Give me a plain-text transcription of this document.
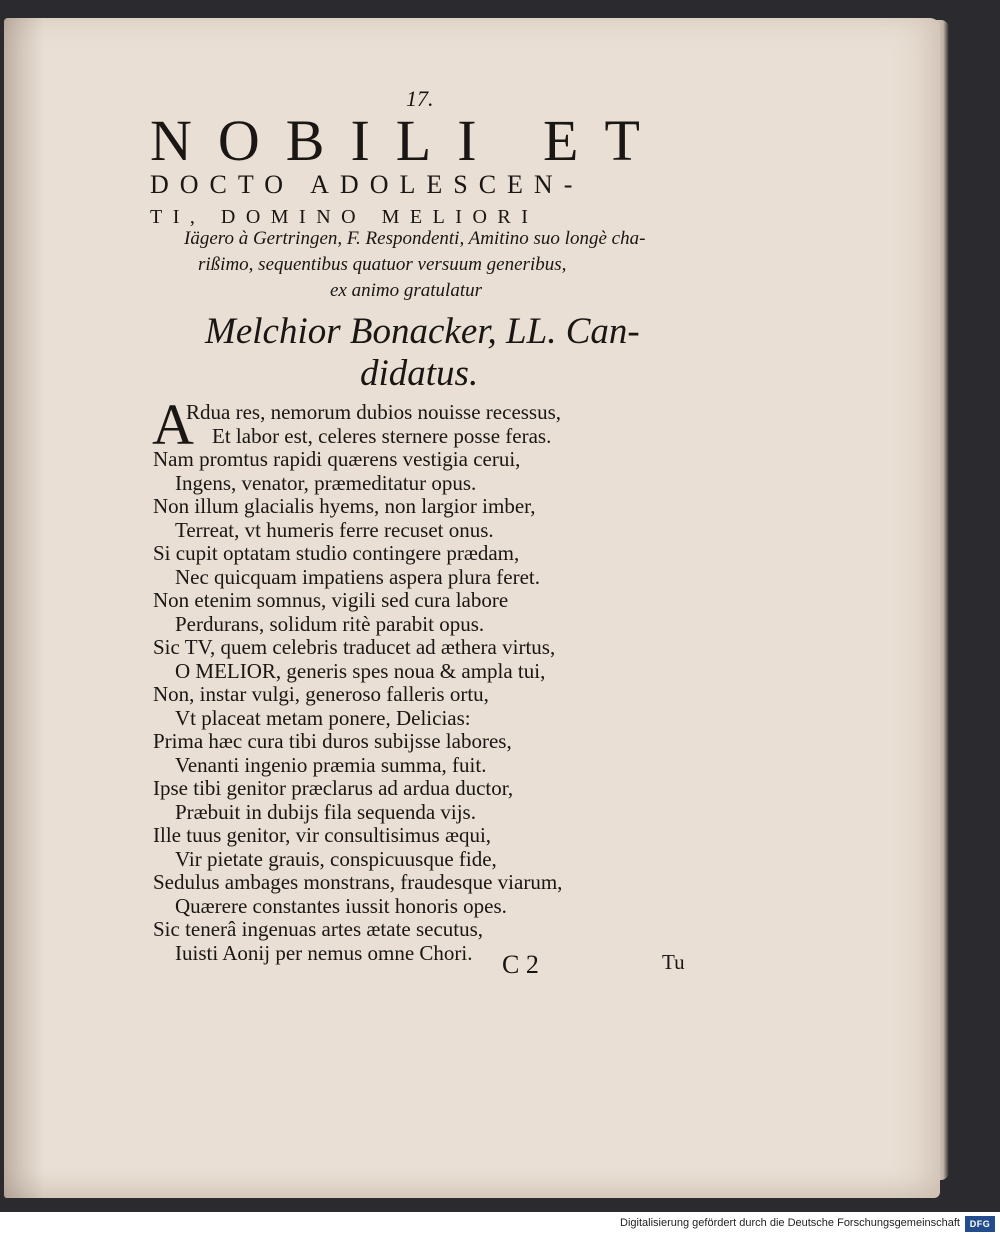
17.
NOBILI ET
DOCTO ADOLESCEN-
TI, DOMINO MELIORI
Iägero à Gertringen, F. Respondenti, Amitino suo longè cha-
rißimo, sequentibus quatuor versuum generibus,
ex animo gratulatur
Melchior Bonacker, LL. Can-
didatus.
A
Rdua res, nemorum dubios nouisse recessus,
Et labor est, celeres sternere posse feras.
Nam promtus rapidi quærens vestigia cerui,
Ingens, venator, præmeditatur opus.
Non illum glacialis hyems, non largior imber,
Terreat, vt humeris ferre recuset onus.
Si cupit optatam studio contingere prædam,
Nec quicquam impatiens aspera plura feret.
Non etenim somnus, vigili sed cura labore
Perdurans, solidum ritè parabit opus.
Sic TV, quem celebris traducet ad æthera virtus,
O MELIOR, generis spes noua & ampla tui,
Non, instar vulgi, generoso falleris ortu,
Vt placeat metam ponere, Delicias:
Prima hæc cura tibi duros subijsse labores,
Venanti ingenio præmia summa, fuit.
Ipse tibi genitor præclarus ad ardua ductor,
Præbuit in dubijs fila sequenda vijs.
Ille tuus genitor, vir consultisimus æqui,
Vir pietate grauis, conspicuusque fide,
Sedulus ambages monstrans, fraudesque viarum,
Quærere constantes iussit honoris opes.
Sic tenerâ ingenuas artes ætate secutus,
Iuisti Aonij per nemus omne Chori. C 2	Tu
Digitalisierung gefördert durch die Deutsche Forschungsgemeinschaft	DFG
